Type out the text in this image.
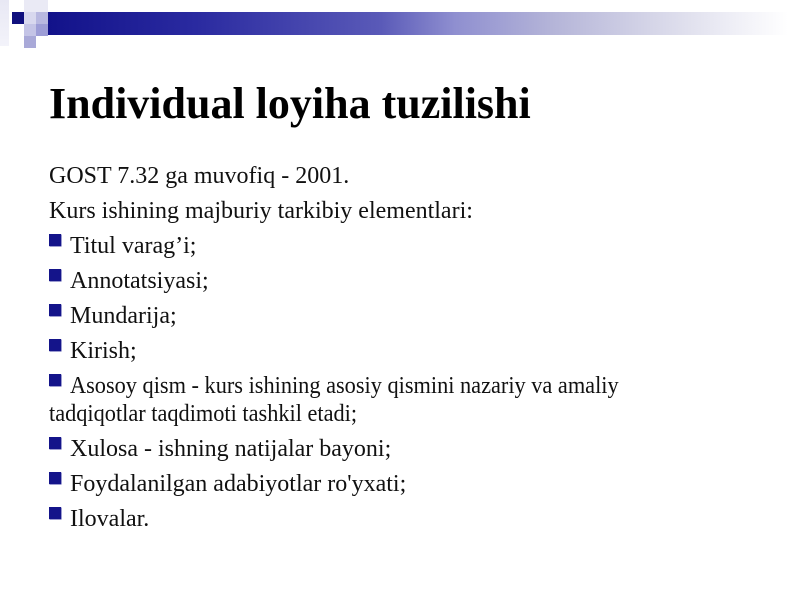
Individual loyiha tuzilishi
GOST 7.32 ga muvofiq - 2001.
Kurs ishining majburiy tarkibiy elementlari:
Titul varag’i;
Annotatsiyasi;
Mundarija;
Kirish;
Asosoy qism - kurs ishining asosiy qismini nazariy va amaliy
tadqiqotlar taqdimoti tashkil etadi;
Xulosa - ishning natijalar bayoni;
Foydalanilgan adabiyotlar ro'yxati;
Ilovalar.
